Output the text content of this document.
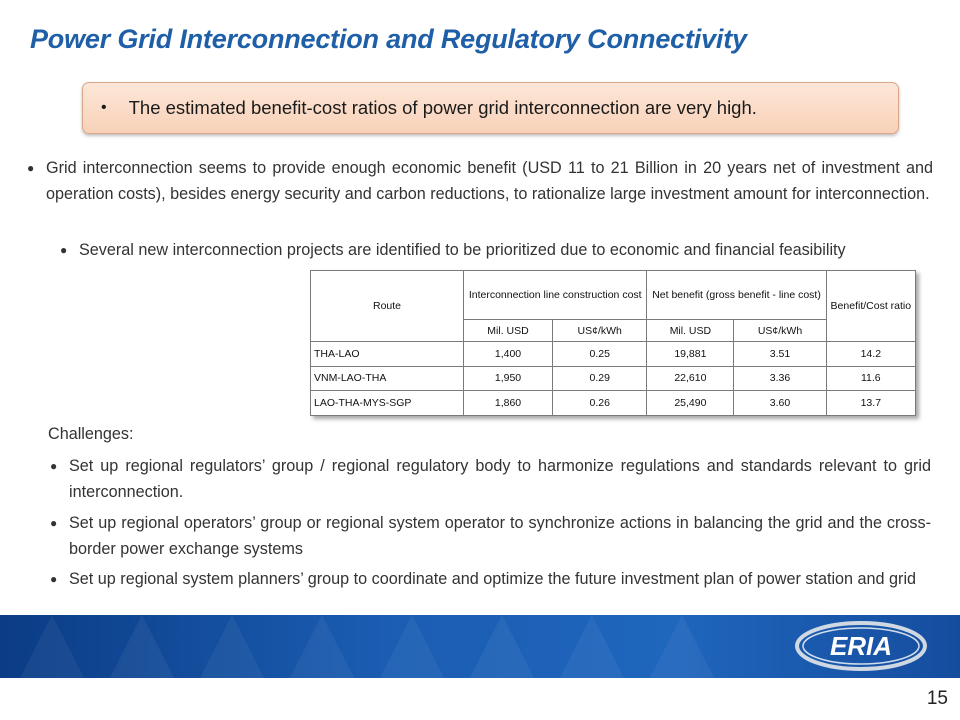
Power Grid Interconnection and Regulatory Connectivity
• The estimated benefit-cost ratios of power grid interconnection are very high.
● Grid interconnection seems to provide enough economic benefit (USD 11 to 21 Billion in 20 years net of investment and operation costs), besides energy security and carbon reductions, to rationalize large investment amount for interconnection.
● Several new interconnection projects are identified to be prioritized due to economic and financial feasibility
Route	Interconnection line construction cost		Net benefit (gross benefit - line cost)		Benefit/Cost ratio
	Mil. USD	US¢/kWh	Mil. USD	US¢/kWh	
THA-LAO	1,400	0.25	19,881	3.51	14.2
VNM-LAO-THA	1,950	0.29	22,610	3.36	11.6
LAO-THA-MYS-SGP	1,860	0.26	25,490	3.60	13.7
Challenges:
● Set up regional regulators’ group / regional regulatory body to harmonize regulations and standards relevant to grid interconnection.
● Set up regional operators’ group or regional system operator to synchronize actions in balancing the grid and the cross-border power exchange systems
● Set up regional system planners’ group to coordinate and optimize the future investment plan of power station and grid
ERIA
15
